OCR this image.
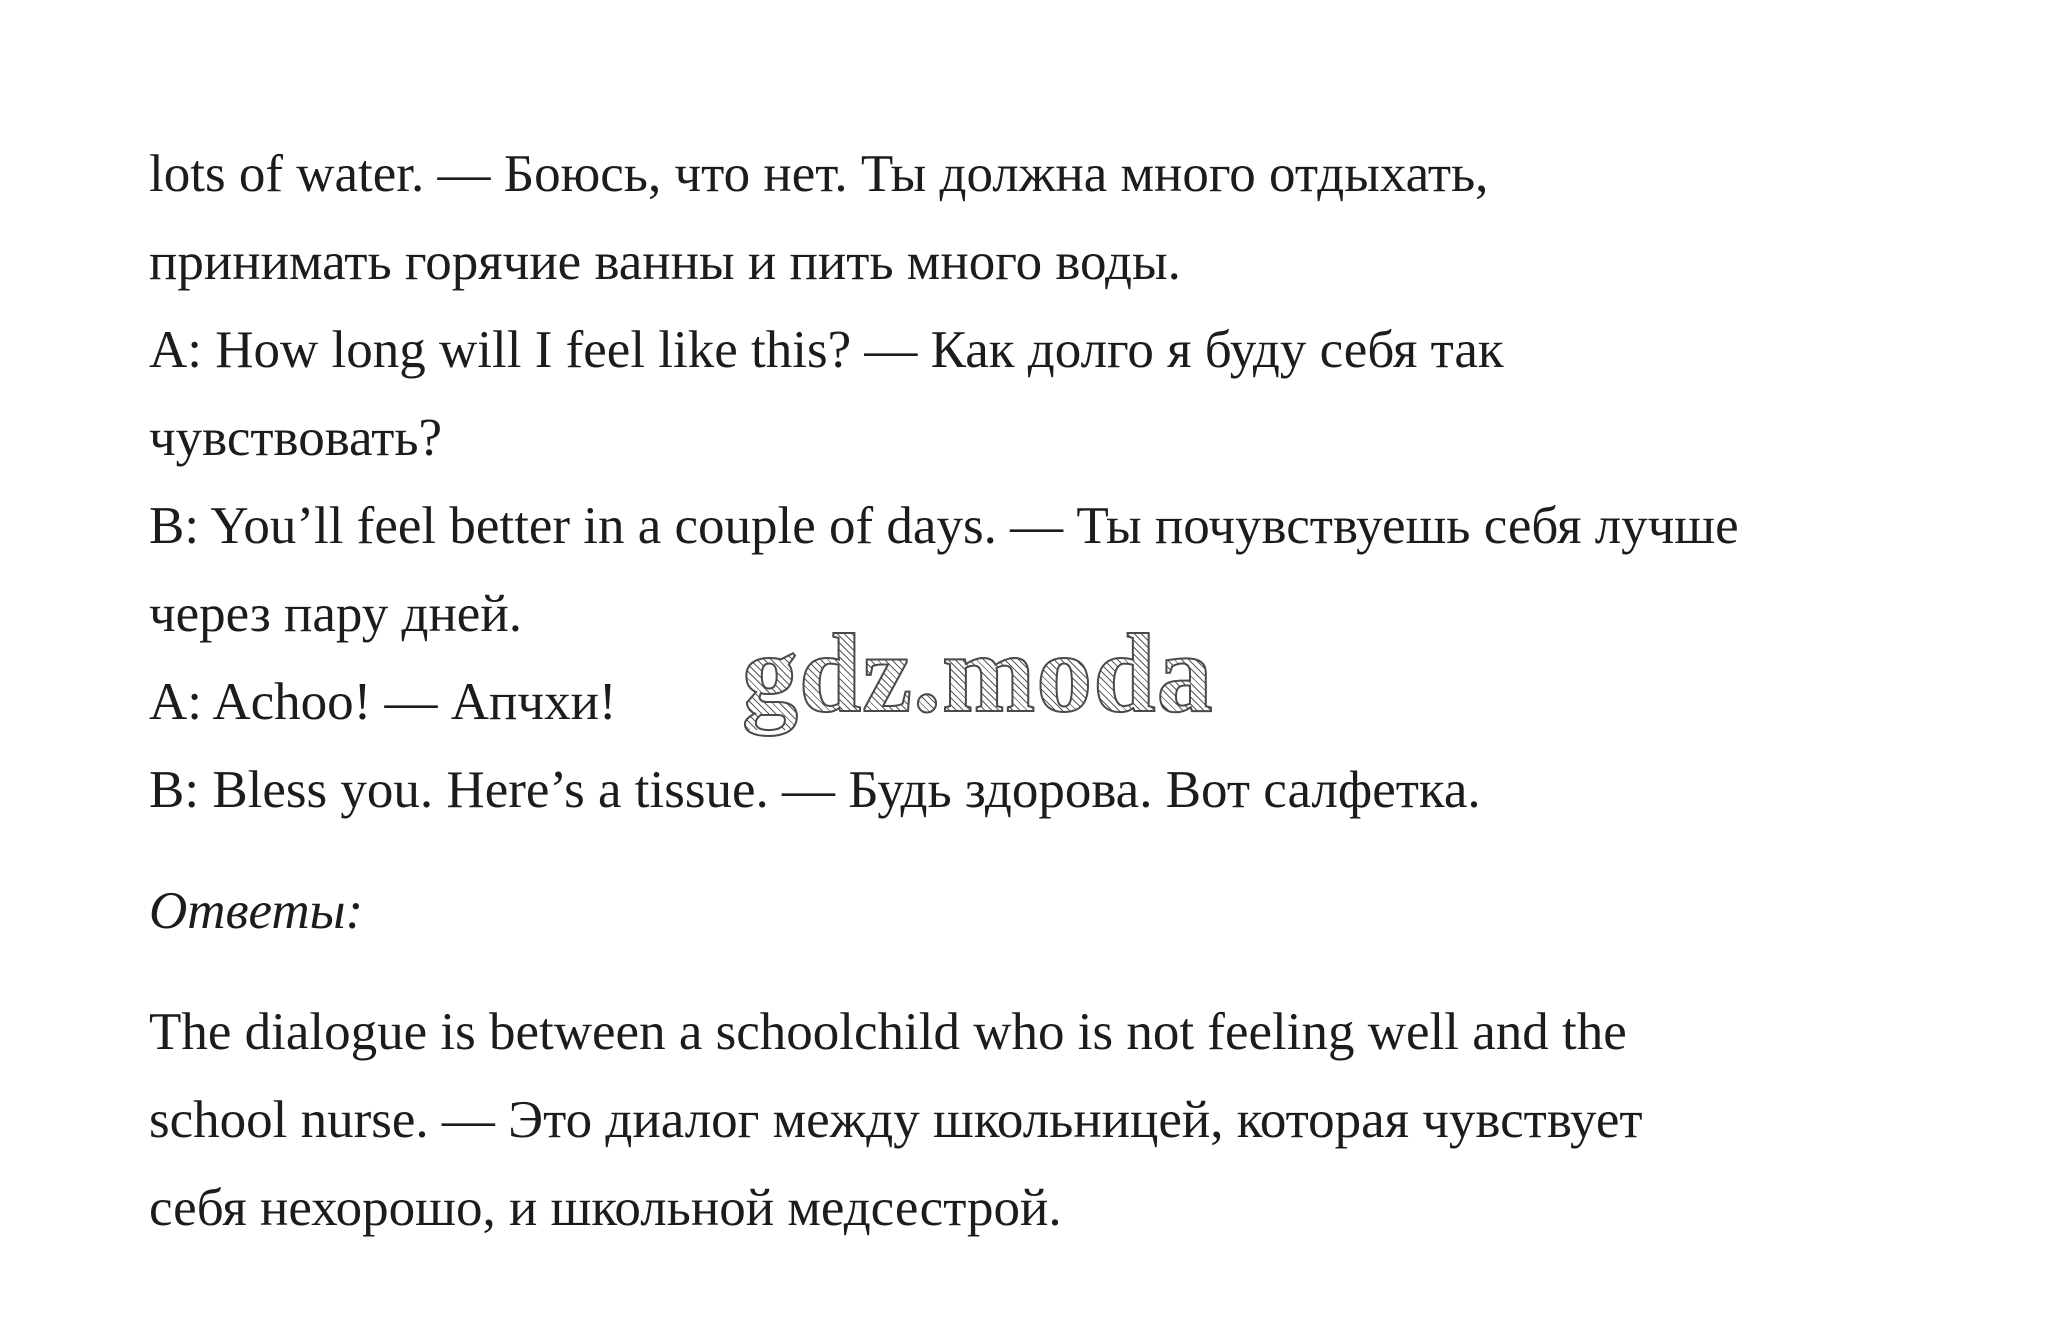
lots of water. — Боюсь, что нет. Ты должна много отдыхать,
принимать горячие ванны и пить много воды.
A: How long will I feel like this? — Как долго я буду себя так
чувствовать?
B: You’ll feel better in a couple of days. — Ты почувствуешь себя лучше
через пару дней.
A: Achoo! — Апчхи!
B: Bless you. Here’s a tissue. — Будь здорова. Вот салфетка.
Ответы:
The dialogue is between a schoolchild who is not feeling well and the
school nurse. — Это диалог между школьницей, которая чувствует
себя нехорошо, и школьной медсестрой.
gdz.moda
